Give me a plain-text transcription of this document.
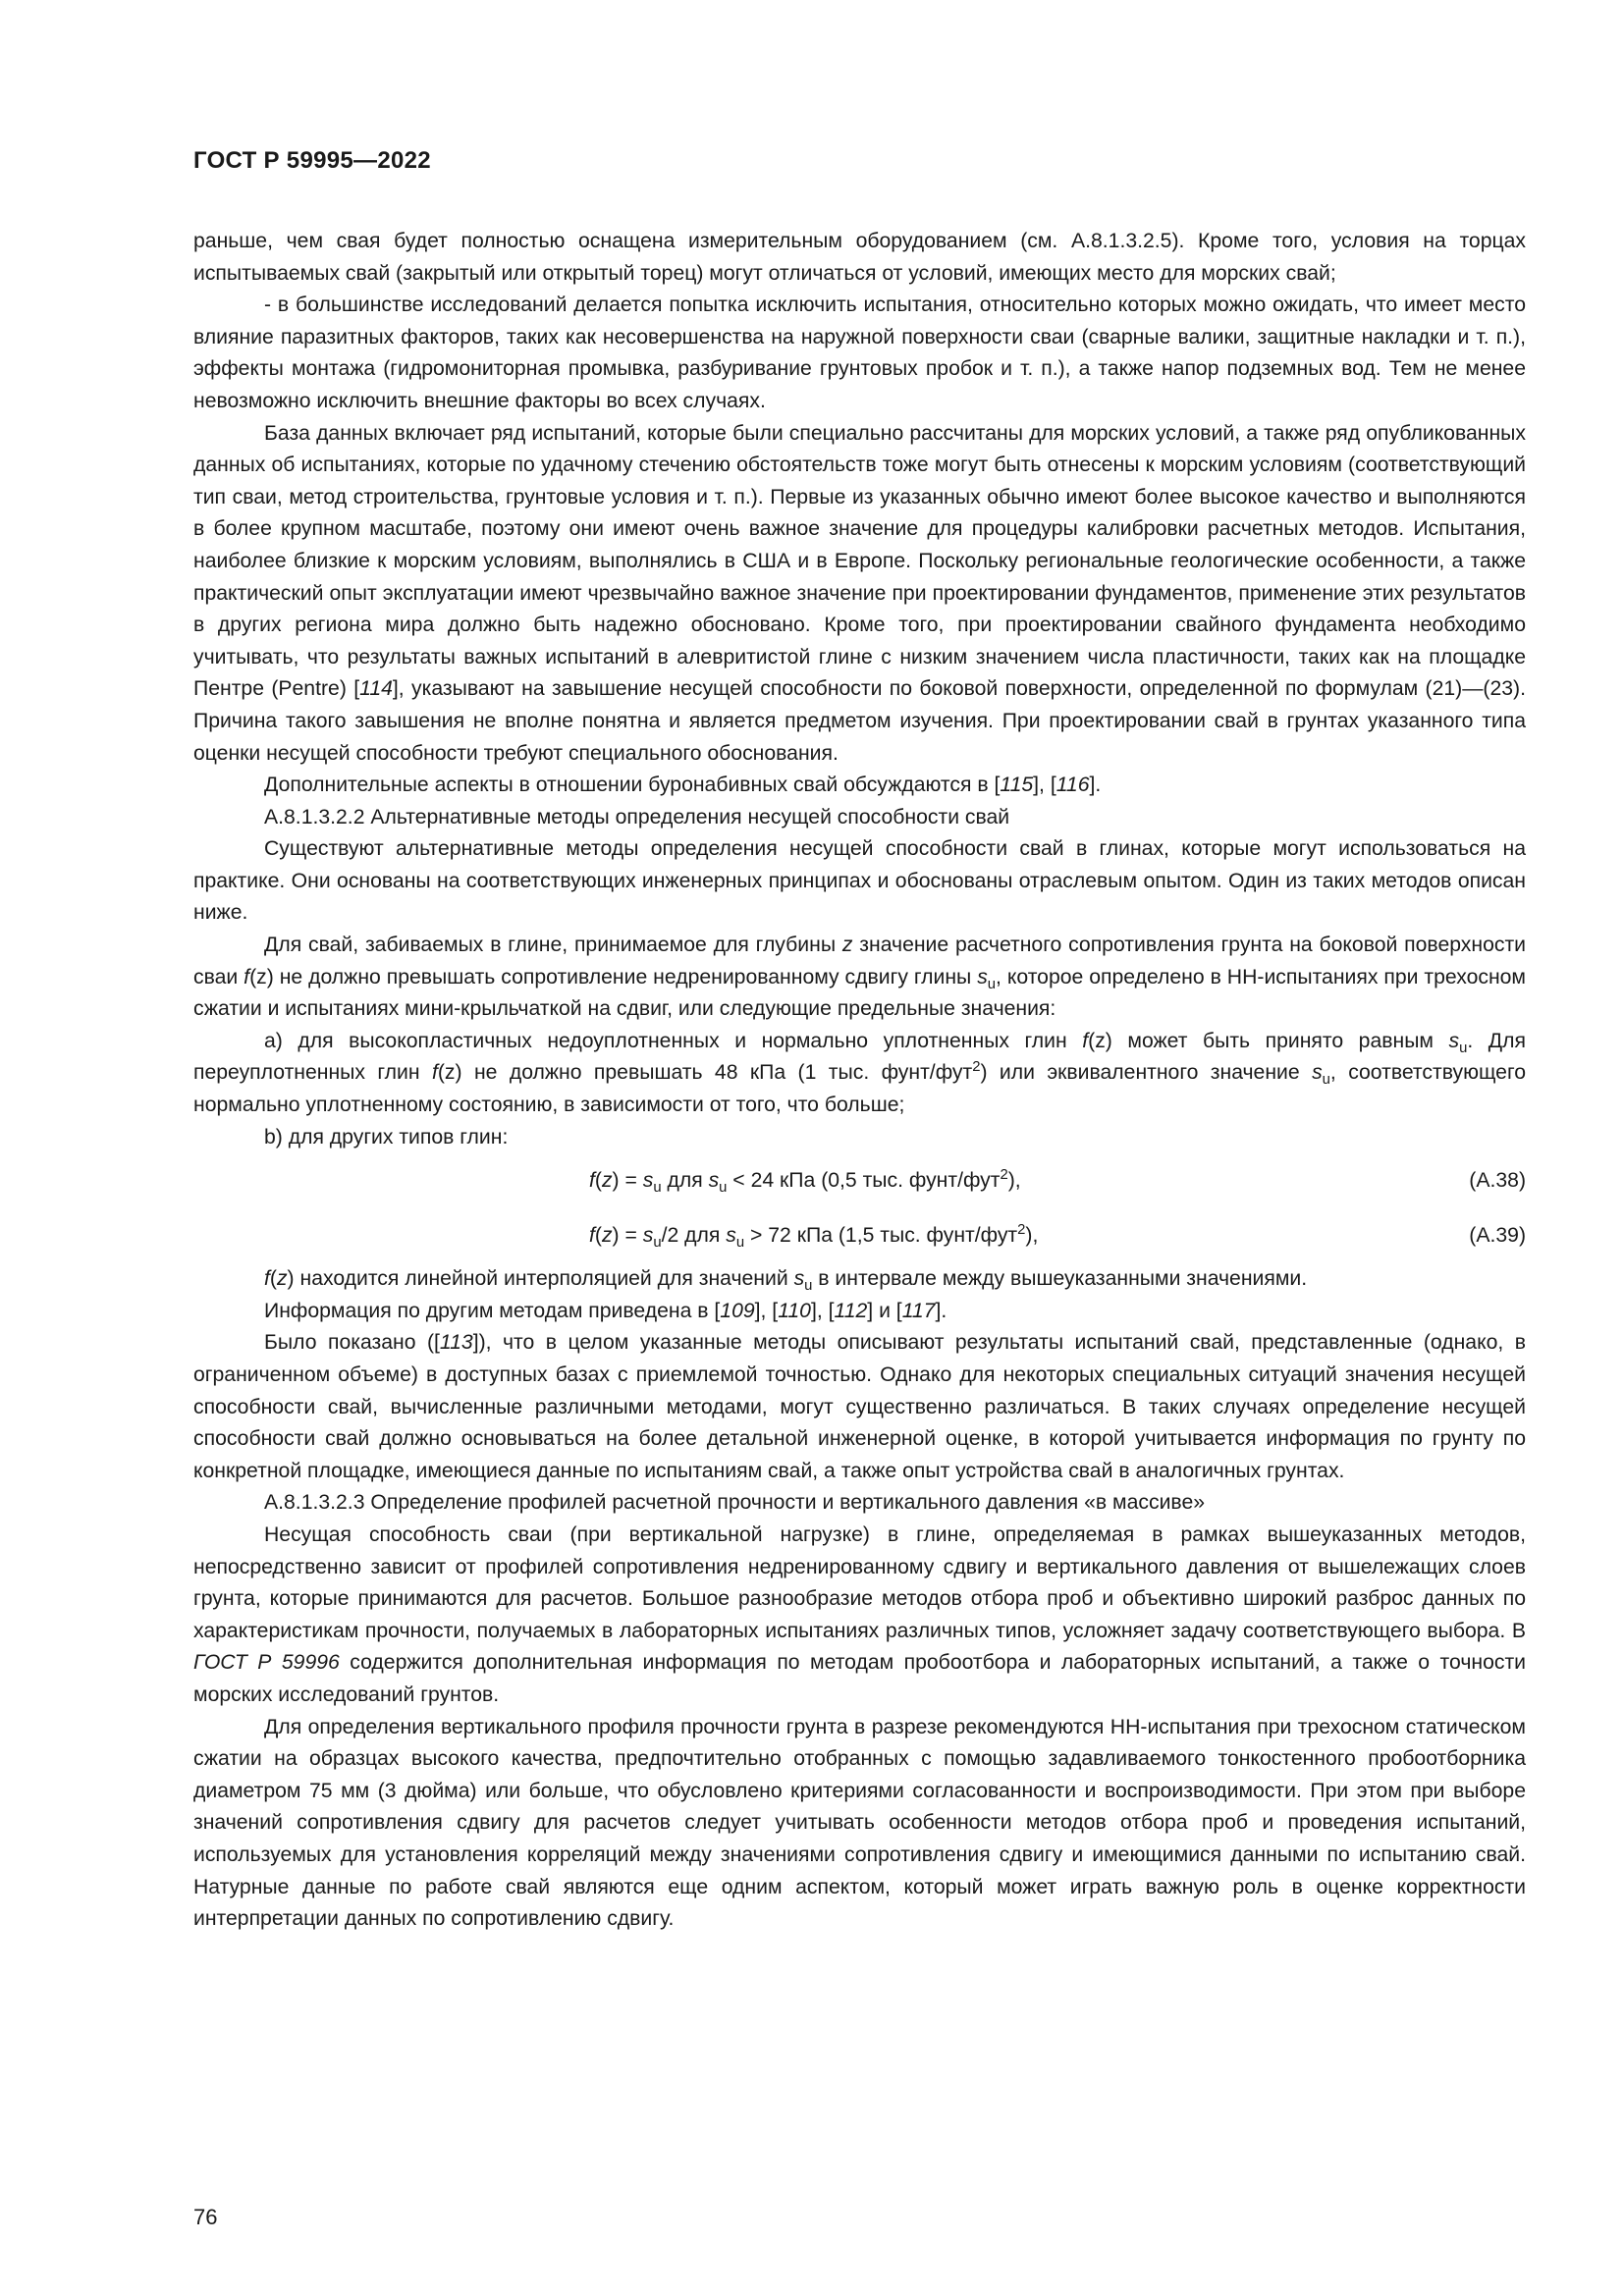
ГОСТ Р 59995—2022

раньше, чем свая будет полностью оснащена измерительным оборудованием (см. А.8.1.3.2.5). Кроме того, условия на торцах испытываемых свай (закрытый или открытый торец) могут отличаться от условий, имеющих место для морских свай;

- в большинстве исследований делается попытка исключить испытания, относительно которых можно ожидать, что имеет место влияние паразитных факторов, таких как несовершенства на наружной поверхности сваи (сварные валики, защитные накладки и т. п.), эффекты монтажа (гидромониторная промывка, разбуривание грунтовых пробок и т. п.), а также напор подземных вод. Тем не менее невозможно исключить внешние факторы во всех случаях.

База данных включает ряд испытаний, которые были специально рассчитаны для морских условий, а также ряд опубликованных данных об испытаниях, которые по удачному стечению обстоятельств тоже могут быть отнесены к морским условиям (соответствующий тип сваи, метод строительства, грунтовые условия и т. п.). Первые из указанных обычно имеют более высокое качество и выполняются в более крупном масштабе, поэтому они имеют очень важное значение для процедуры калибровки расчетных методов. Испытания, наиболее близкие к морским условиям, выполнялись в США и в Европе. Поскольку региональные геологические особенности, а также практический опыт эксплуатации имеют чрезвычайно важное значение при проектировании фундаментов, применение этих результатов в других региона мира должно быть надежно обосновано. Кроме того, при проектировании свайного фундамента необходимо учитывать, что результаты важных испытаний в алевритистой глине с низким значением числа пластичности, таких как на площадке Пентре (Pentre) [114], указывают на завышение несущей способности по боковой поверхности, определенной по формулам (21)—(23). Причина такого завышения не вполне понятна и является предметом изучения. При проектировании свай в грунтах указанного типа оценки несущей способности требуют специального обоснования.

Дополнительные аспекты в отношении буронабивных свай обсуждаются в [115], [116].

А.8.1.3.2.2 Альтернативные методы определения несущей способности свай

Существуют альтернативные методы определения несущей способности свай в глинах, которые могут использоваться на практике. Они основаны на соответствующих инженерных принципах и обоснованы отраслевым опытом. Один из таких методов описан ниже.

Для свай, забиваемых в глине, принимаемое для глубины z значение расчетного сопротивления грунта на боковой поверхности сваи f(z) не должно превышать сопротивление недренированному сдвигу глины $s_u$, которое определено в НН-испытаниях при трехосном сжатии и испытаниях мини-крыльчаткой на сдвиг, или следующие предельные значения:

a) для высокопластичных недоуплотненных и нормально уплотненных глин f(z) может быть принято равным $s_u$. Для переуплотненных глин f(z) не должно превышать 48 кПа (1 тыс. фунт/фут$^2$) или эквивалентного значение $s_u$, соответствующего нормально уплотненному состоянию, в зависимости от того, что больше;

b) для других типов глин:

$f(z) = s_u$ для $s_u < 24$ кПа (0,5 тыс. фунт/фут$^2$),	(A.38)
$f(z) = s_u/2$ для $s_u > 72$ кПа (1,5 тыс. фунт/фут$^2$),	(A.39)

f(z) находится линейной интерполяцией для значений $s_u$ в интервале между вышеуказанными значениями.

Информация по другим методам приведена в [109], [110], [112] и [117].

Было показано ([113]), что в целом указанные методы описывают результаты испытаний свай, представленные (однако, в ограниченном объеме) в доступных базах с приемлемой точностью. Однако для некоторых специальных ситуаций значения несущей способности свай, вычисленные различными методами, могут существенно различаться. В таких случаях определение несущей способности свай должно основываться на более детальной инженерной оценке, в которой учитывается информация по грунту по конкретной площадке, имеющиеся данные по испытаниям свай, а также опыт устройства свай в аналогичных грунтах.

А.8.1.3.2.3 Определение профилей расчетной прочности и вертикального давления «в массиве»

Несущая способность сваи (при вертикальной нагрузке) в глине, определяемая в рамках вышеуказанных методов, непосредственно зависит от профилей сопротивления недренированному сдвигу и вертикального давления от вышележащих слоев грунта, которые принимаются для расчетов. Большое разнообразие методов отбора проб и объективно широкий разброс данных по характеристикам прочности, получаемых в лабораторных испытаниях различных типов, усложняет задачу соответствующего выбора. В ГОСТ Р 59996 содержится дополнительная информация по методам пробоотбора и лабораторных испытаний, а также о точности морских исследований грунтов.

Для определения вертикального профиля прочности грунта в разрезе рекомендуются НН-испытания при трехосном статическом сжатии на образцах высокого качества, предпочтительно отобранных с помощью задавливаемого тонкостенного пробоотборника диаметром 75 мм (3 дюйма) или больше, что обусловлено критериями согласованности и воспроизводимости. При этом при выборе значений сопротивления сдвигу для расчетов следует учитывать особенности методов отбора проб и проведения испытаний, используемых для установления корреляций между значениями сопротивления сдвигу и имеющимися данными по испытанию свай. Натурные данные по работе свай являются еще одним аспектом, который может играть важную роль в оценке корректности интерпретации данных по сопротивлению сдвигу.

76
